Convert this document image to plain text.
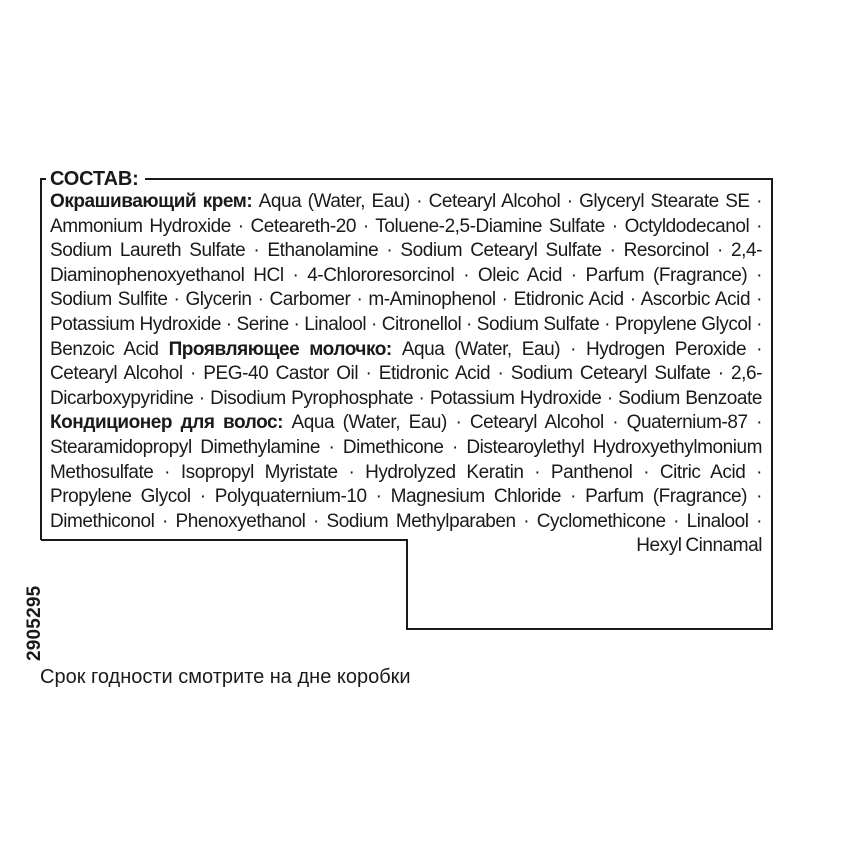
СОСТАВ:
Окрашивающий крем: Aqua (Water, Eau) · Cetearyl Alcohol · Glyceryl Stearate SE · Ammonium Hydroxide · Ceteareth-20 · Toluene-2,5-Diamine Sulfate · Octyldodecanol · Sodium Laureth Sulfate · Ethanolamine · Sodium Cetearyl Sulfate · Resorcinol · 2,4-Diaminophenoxyethanol HCl · 4-Chlororesorcinol · Oleic Acid · Parfum (Fragrance) · Sodium Sulfite · Glycerin · Carbomer · m-Aminophenol · Etidronic Acid · Ascorbic Acid · Potassium Hydroxide · Serine · Linalool · Citronellol · Sodium Sulfate · Propylene Glycol · Benzoic Acid Проявляющее молочко: Aqua (Water, Eau) · Hydrogen Peroxide · Cetearyl Alcohol · PEG-40 Castor Oil · Etidronic Acid · Sodium Cetearyl Sulfate · 2,6-Dicarboxypyridine · Disodium Pyrophosphate · Potassium Hydroxide · Sodium Benzoate Кондиционер для волос: Aqua (Water, Eau) · Cetearyl Alcohol · Quaternium-87 · Stearamidopropyl Dimethylamine · Dimethicone · Distearoylethyl Hydroxyethylmonium Methosulfate · Isopropyl Myristate · Hydrolyzed Keratin · Panthenol · Citric Acid · Propylene Glycol · Polyquaternium-10 · Magnesium Chloride · Parfum (Fragrance) · Dimethiconol · Phenoxyethanol · Sodium Methylparaben · Cyclomethicone · Linalool · Hexyl Cinnamal
2905295
Срок годности смотрите на дне коробки
